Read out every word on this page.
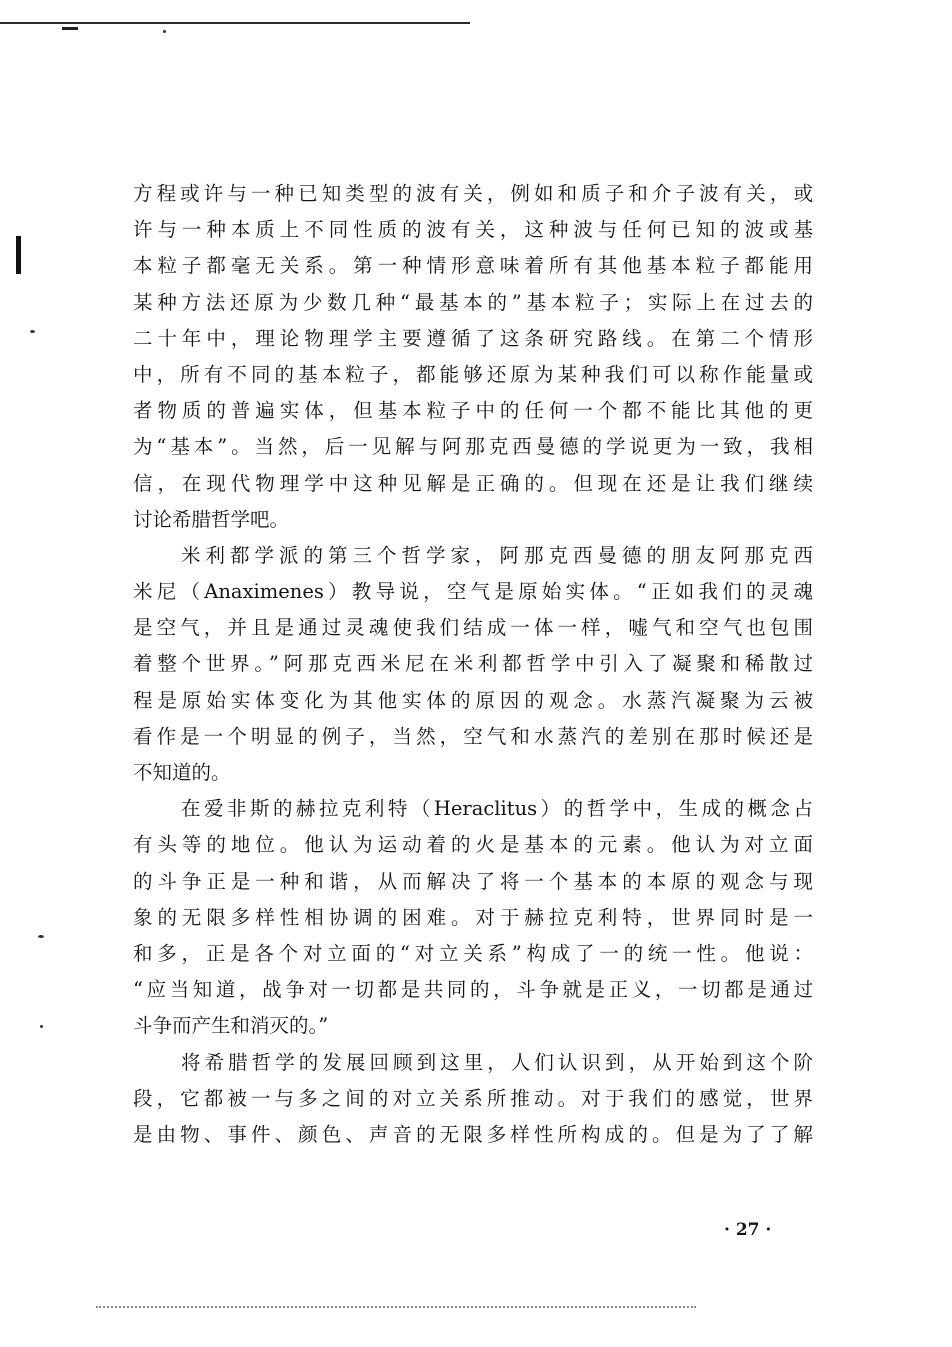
方程或许与一种已知类型的波有关，例如和质子和介子波有关，或
许与一种本质上不同性质的波有关，这种波与任何已知的波或基
本粒子都毫无关系。第一种情形意味着所有其他基本粒子都能用
某种方法还原为少数几种“最基本的”基本粒子；实际上在过去的
二十年中，理论物理学主要遵循了这条研究路线。在第二个情形
中，所有不同的基本粒子，都能够还原为某种我们可以称作能量或
者物质的普遍实体，但基本粒子中的任何一个都不能比其他的更
为“基本”。当然，后一见解与阿那克西曼德的学说更为一致，我相
信，在现代物理学中这种见解是正确的。但现在还是让我们继续
讨论希腊哲学吧。
米利都学派的第三个哲学家，阿那克西曼德的朋友阿那克西
米尼（Anaximenes）教导说，空气是原始实体。“正如我们的灵魂
是空气，并且是通过灵魂使我们结成一体一样，嘘气和空气也包围
着整个世界。”阿那克西米尼在米利都哲学中引入了凝聚和稀散过
程是原始实体变化为其他实体的原因的观念。水蒸汽凝聚为云被
看作是一个明显的例子，当然，空气和水蒸汽的差别在那时候还是
不知道的。
在爱非斯的赫拉克利特（Heraclitus）的哲学中，生成的概念占
有头等的地位。他认为运动着的火是基本的元素。他认为对立面
的斗争正是一种和谐，从而解决了将一个基本的本原的观念与现
象的无限多样性相协调的困难。对于赫拉克利特，世界同时是一
和多，正是各个对立面的“对立关系”构成了一的统一性。他说：
“应当知道，战争对一切都是共同的，斗争就是正义，一切都是通过
斗争而产生和消灭的。”
将希腊哲学的发展回顾到这里，人们认识到，从开始到这个阶
段，它都被一与多之间的对立关系所推动。对于我们的感觉，世界
是由物、事件、颜色、声音的无限多样性所构成的。但是为了了解
· 27 ·
